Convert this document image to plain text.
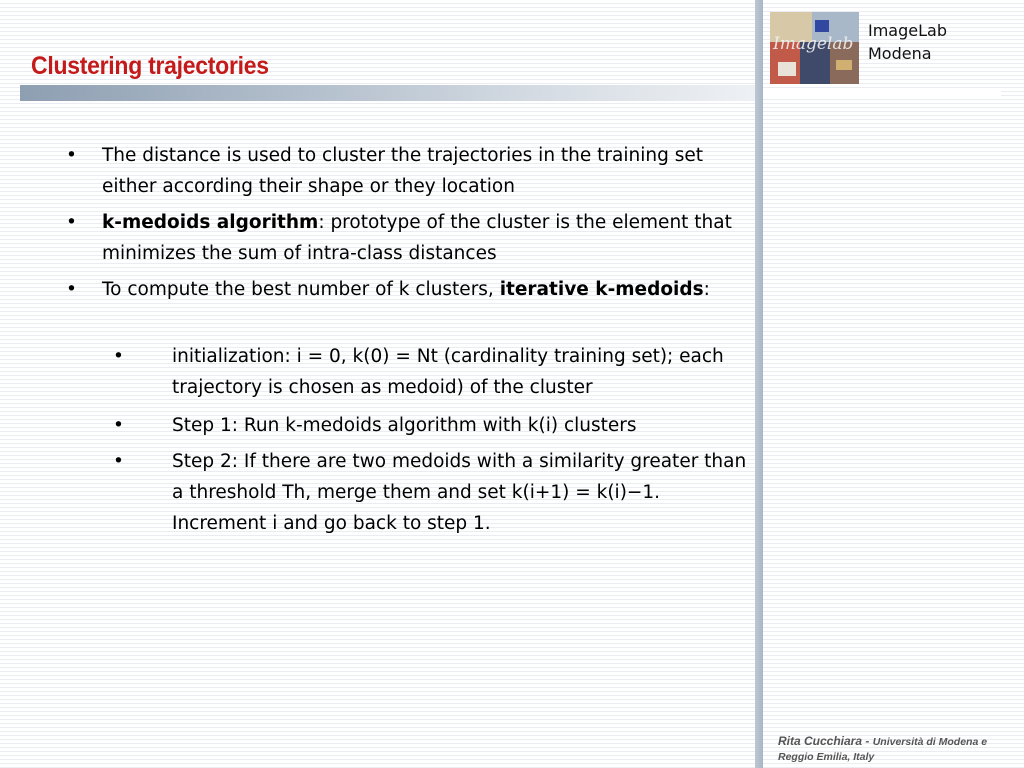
Clustering trajectories
Imagelab
ImageLab
Modena
• The distance is used to cluster the trajectories in the training set either according their shape or they location
• k-medoids algorithm: prototype of the cluster is the element that minimizes the sum of intra-class distances
• To compute the best number of k clusters, iterative k-medoids:
•	initialization: i = 0, k(0) = Nt (cardinality training set); each trajectory is chosen as medoid) of the cluster
•	Step 1: Run k-medoids algorithm with k(i) clusters
•	Step 2: If there are two medoids with a similarity greater than a threshold Th, merge them and set k(i+1) = k(i)−1. Increment i and go back to step 1.
Rita Cucchiara - Università di Modena e Reggio Emilia, Italy
